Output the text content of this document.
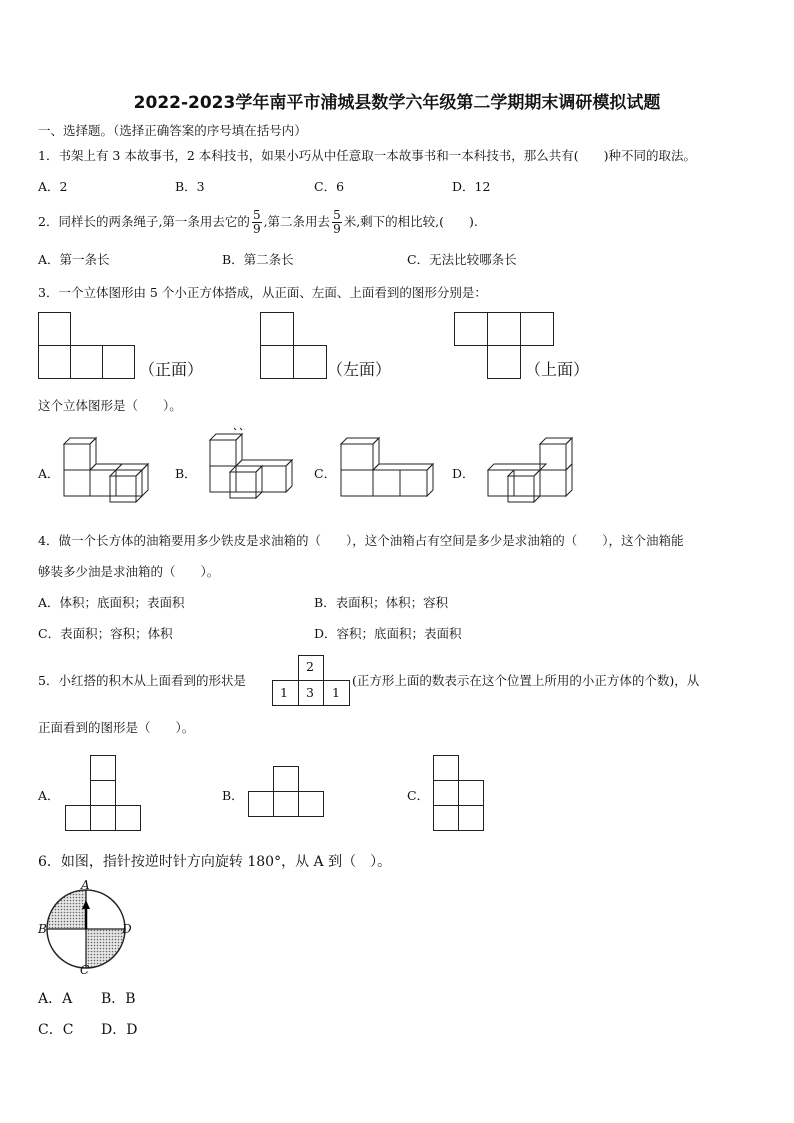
2022-2023学年南平市浦城县数学六年级第二学期期末调研模拟试题
一、选择题。（选择正确答案的序号填在括号内）
1．书架上有 3 本故事书，2 本科技书，如果小巧从中任意取一本故事书和一本科技书，那么共有(　　)种不同的取法。
A．2	B．3	C．6	D．12
2．同样长的两条绳子,第一条用去它的 $\frac{5}{9}$ ,第二条用去 $\frac{5}{9}$ 米,剩下的相比较,(　　).
A．第一条长	B．第二条长	C．无法比较哪条长
3．一个立体图形由 5 个小正方体搭成，从正面、左面、上面看到的图形分别是：
（正面）	（左面）	（上面）
这个立体图形是（　　）。
A．	B．	C．	D．
4．做一个长方体的油箱要用多少铁皮是求油箱的（　　），这个油箱占有空间是多少是求油箱的（　　），这个油箱能
够装多少油是求油箱的（　　）。
A．体积；底面积；表面积	B．表面积；体积；容积
C．表面积；容积；体积	D．容积；底面积；表面积
5．小红搭的积木从上面看到的形状是
2
1 3 1
(正方形上面的数表示在这个位置上所用的小正方体的个数)，从
正面看到的图形是（　　）。
A．	B．	C．
6．如图，指针按逆时针方向旋转 180°，从 A 到（　）。
A
B
C
D
A．A B．B
C．C D．D
